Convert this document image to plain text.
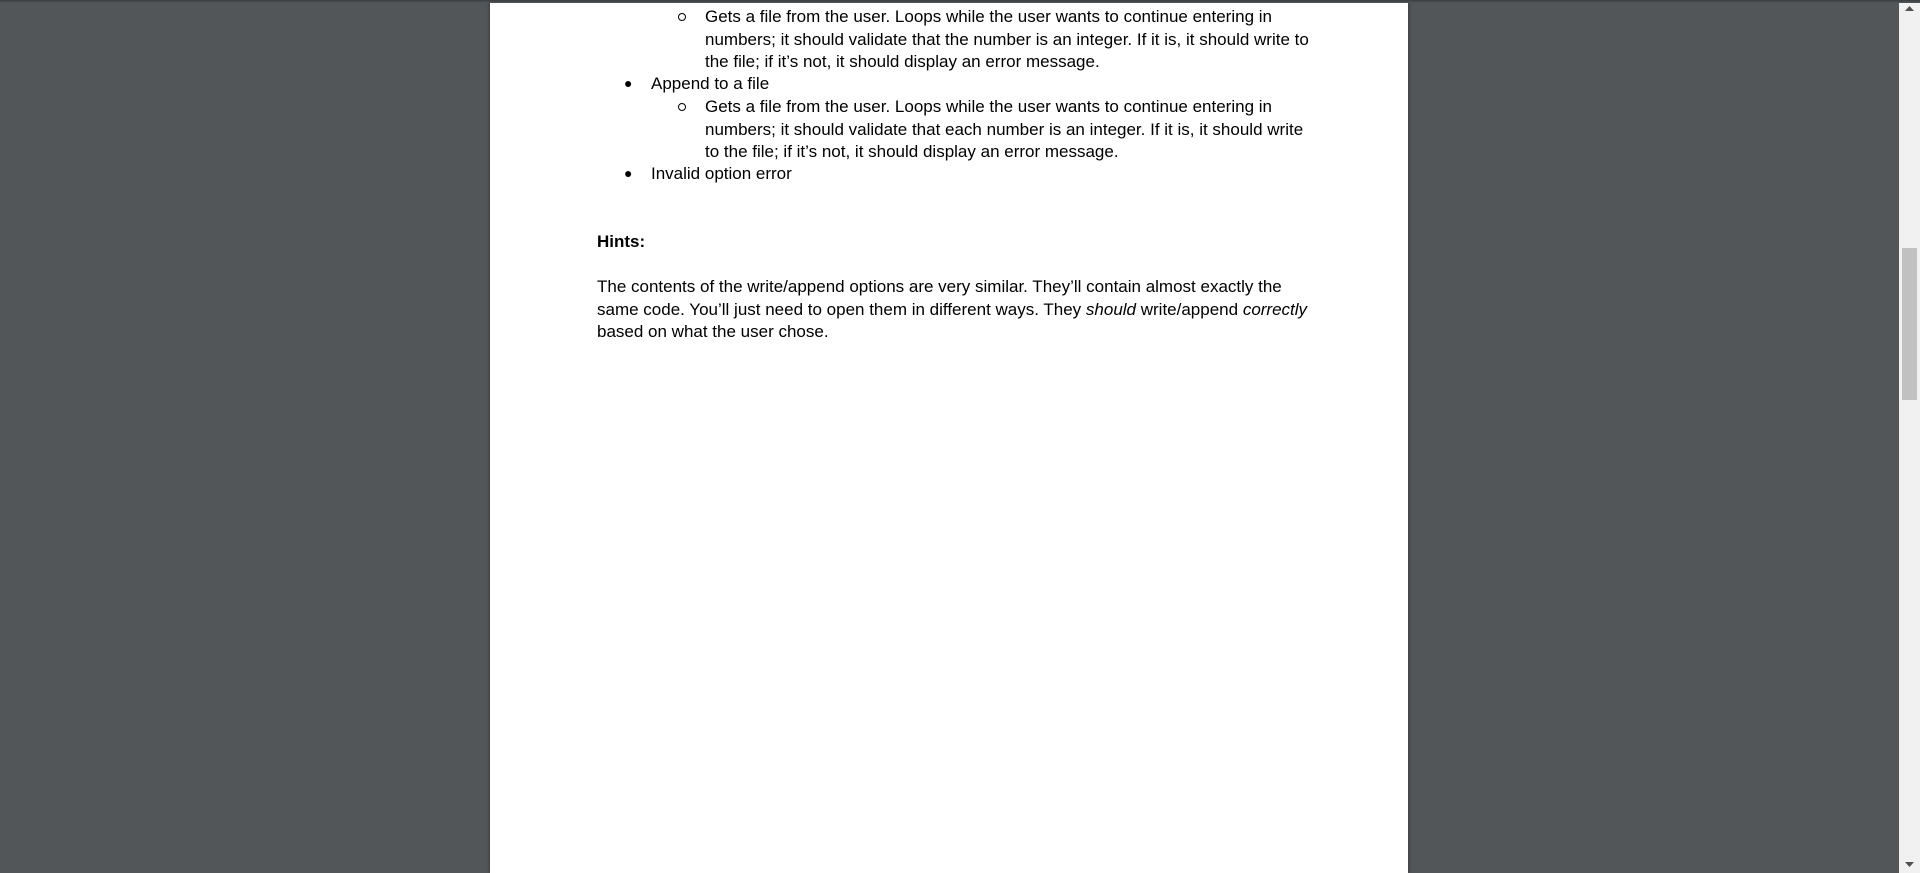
Gets a file from the user. Loops while the user wants to continue entering in
numbers; it should validate that the number is an integer. If it is, it should write to
the file; if it’s not, it should display an error message.
● Append to a file
Gets a file from the user. Loops while the user wants to continue entering in
numbers; it should validate that each number is an integer. If it is, it should write
to the file; if it’s not, it should display an error message.
● Invalid option error
Hints:
The contents of the write/append options are very similar. They’ll contain almost exactly the
same code. You’ll just need to open them in different ways. They should write/append correctly
based on what the user chose.
